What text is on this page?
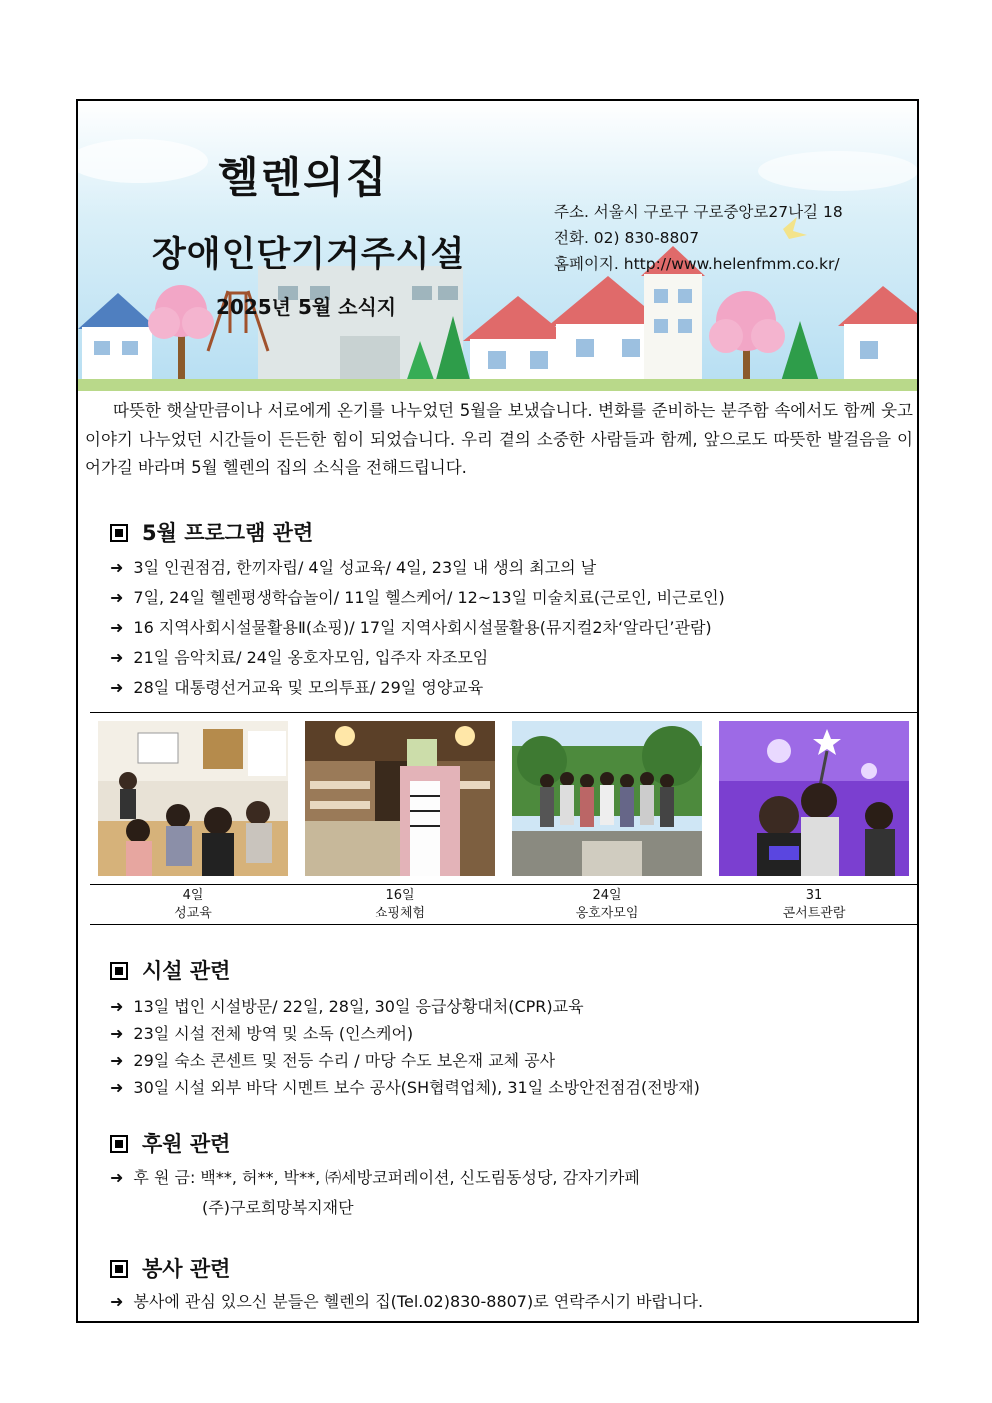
헬렌의집
장애인단기거주시설
2025년 5월 소식지
주소. 서울시 구로구 구로중앙로27나길 18
전화. 02) 830-8807
홈페이지. http://www.helenfmm.co.kr/
따뜻한 햇살만큼이나 서로에게 온기를 나누었던 5월을 보냈습니다. 변화를 준비하는 분주함 속에서도 함께 웃고 이야기 나누었던 시간들이 든든한 힘이 되었습니다. 우리 곁의 소중한 사람들과 함께, 앞으로도 따뜻한 발걸음을 이어가길 바라며 5월 헬렌의 집의 소식을 전해드립니다.
5월 프로그램 관련
➜ 3일 인권점검, 한끼자립/ 4일 성교육/ 4일, 23일 내 생의 최고의 날
➜ 7일, 24일 헬렌평생학습놀이/ 11일 헬스케어/ 12~13일 미술치료(근로인, 비근로인)
➜ 16 지역사회시설물활용Ⅱ(쇼핑)/ 17일 지역사회시설물활용(뮤지컬2차‘알라딘’관람)
➜ 21일 음악치료/ 24일 옹호자모임, 입주자 자조모임
➜ 28일 대통령선거교육 및 모의투표/ 29일 영양교육
4일
성교육
16일
쇼핑체험
24일
옹호자모임
31
콘서트관람
시설 관련
➜ 13일 법인 시설방문/ 22일, 28일, 30일 응급상황대처(CPR)교육
➜ 23일 시설 전체 방역 및 소독 (인스케어)
➜ 29일 숙소 콘센트 및 전등 수리 / 마당 수도 보온재 교체 공사
➜ 30일 시설 외부 바닥 시멘트 보수 공사(SH협력업체), 31일 소방안전점검(전방재)
후원 관련
➜ 후 원 금: 백**, 허**, 박**, ㈜세방코퍼레이션, 신도림동성당, 감자기카페
(주)구로희망복지재단
봉사 관련
➜ 봉사에 관심 있으신 분들은 헬렌의 집(Tel.02)830-8807)로 연락주시기 바랍니다.
